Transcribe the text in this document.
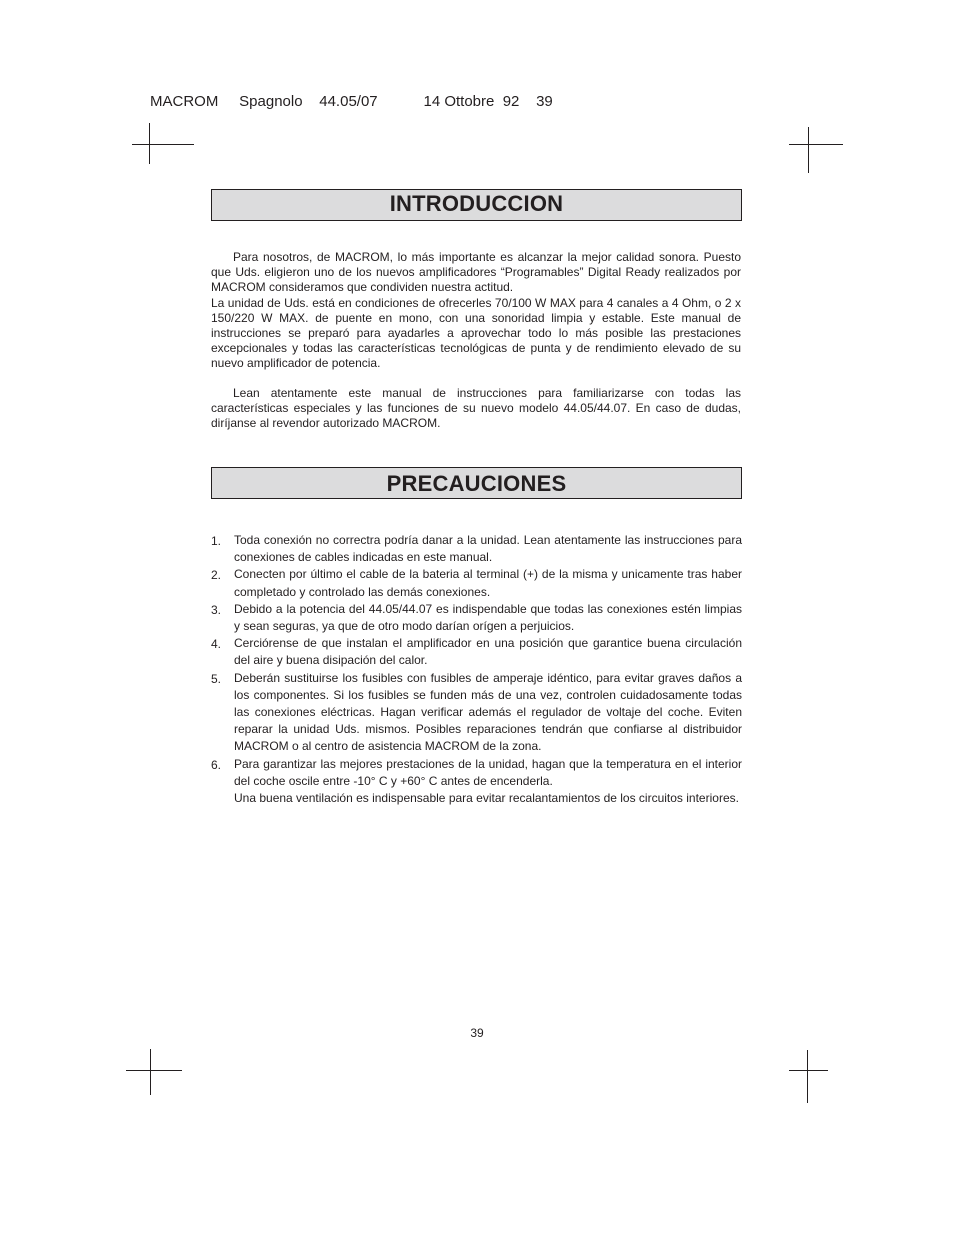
MACROM Spagnolo 44.05/07	14 Ottobre  92 39
INTRODUCCION

Para nosotros, de MACROM, lo más importante es alcanzar la mejor calidad sonora. Puesto que Uds. eligieron uno de los nuevos amplificadores “Programables” Digital Ready realizados por MACROM consideramos que condividen nuestra actitud.

La unidad de Uds. está en condiciones de ofrecerles 70/100 W MAX para 4 canales a 4 Ohm, o 2 x 150/220 W MAX. de puente en mono, con una sonoridad limpia y estable. Este manual de instrucciones se preparó para ayadarles a aprovechar todo lo más posible las prestaciones excepcionales y todas las características tecnológicas de punta y de rendimiento elevado de su nuevo amplificador de potencia.

Lean atentamente este manual de instrucciones para familiarizarse con todas las características especiales y las funciones de su nuevo modelo 44.05/44.07. En caso de dudas, diríjanse al revendor autorizado MACROM.

PRECAUCIONES
1. Toda conexión no correctra podría danar a la unidad. Lean atentamente las instrucciones para conexiones de cables indicadas en este manual.
2. Conecten por último el cable de la bateria al terminal (+) de la misma y unicamente tras haber completado y controlado las demás conexiones.
3. Debido a la potencia del 44.05/44.07 es indispendable que todas las conexiones estén limpias y sean seguras, ya que de otro modo darían orígen a perjuicios.
4. Cerciórense de que instalan el amplificador en una posición que garantice buena circulación del aire y buena disipación del calor.
5. Deberán sustituirse los fusibles con fusibles de amperaje idéntico, para evitar graves daños a los componentes. Si los fusibles se funden más de una vez, controlen cuidadosamente todas las conexiones eléctricas. Hagan verificar además el regulador de voltaje del coche. Eviten reparar la unidad Uds. mismos. Posibles reparaciones tendrán que confiarse al distribuidor MACROM o al centro de asistencia MACROM de la zona.
6. Para garantizar las mejores prestaciones de la unidad, hagan que la temperatura en el interior del coche oscile entre -10° C y +60° C antes de encenderla.
Una buena ventilación es indispensable para evitar recalantamientos de los circuitos interiores.
39
